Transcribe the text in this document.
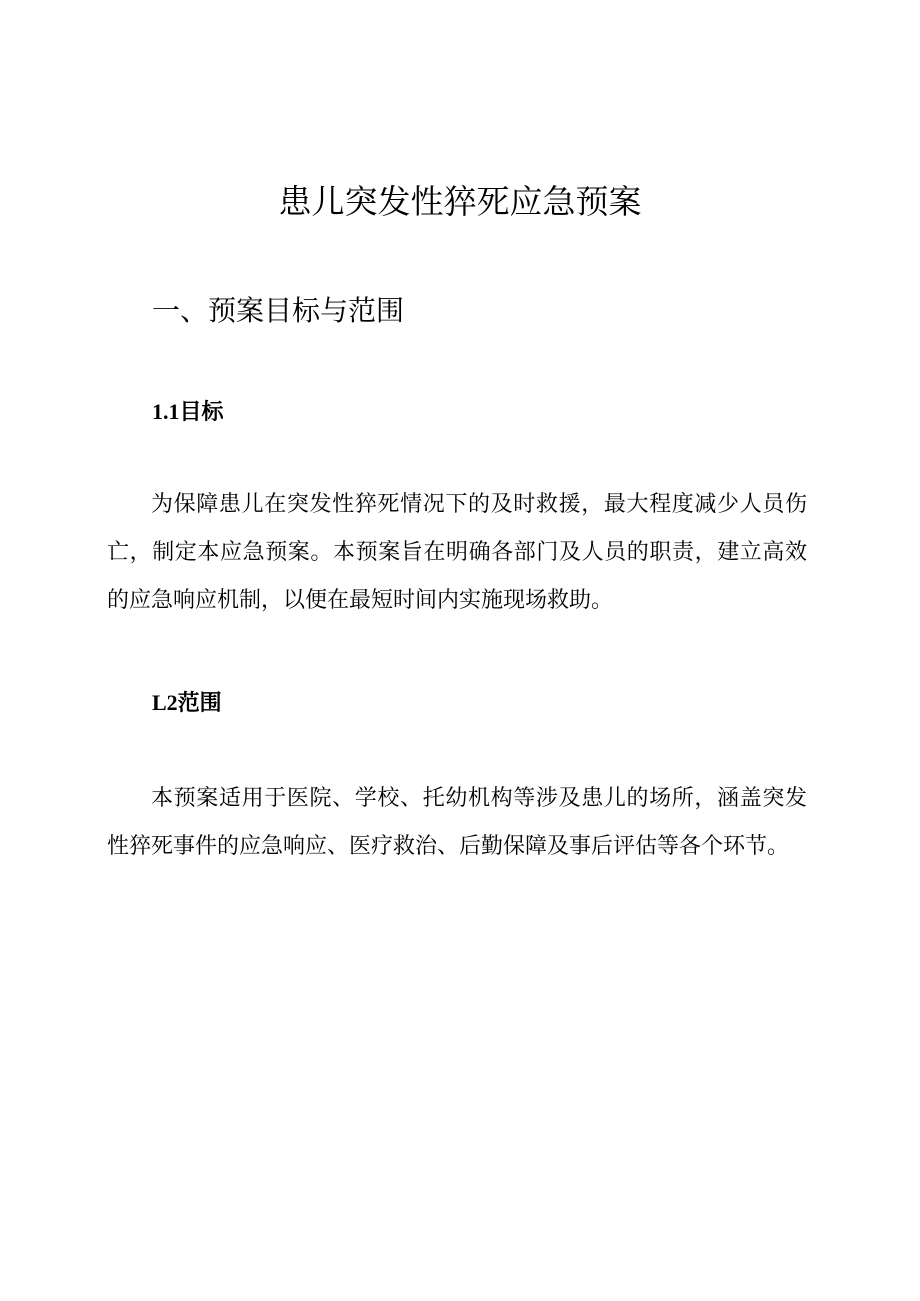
患儿突发性猝死应急预案
一、预案目标与范围
1.1目标

为保障患儿在突发性猝死情况下的及时救援，最大程度减少人员伤亡，制定本应急预案。本预案旨在明确各部门及人员的职责，建立高效的应急响应机制，以便在最短时间内实施现场救助。

L2范围

本预案适用于医院、学校、托幼机构等涉及患儿的场所，涵盖突发性猝死事件的应急响应、医疗救治、后勤保障及事后评估等各个环节。
